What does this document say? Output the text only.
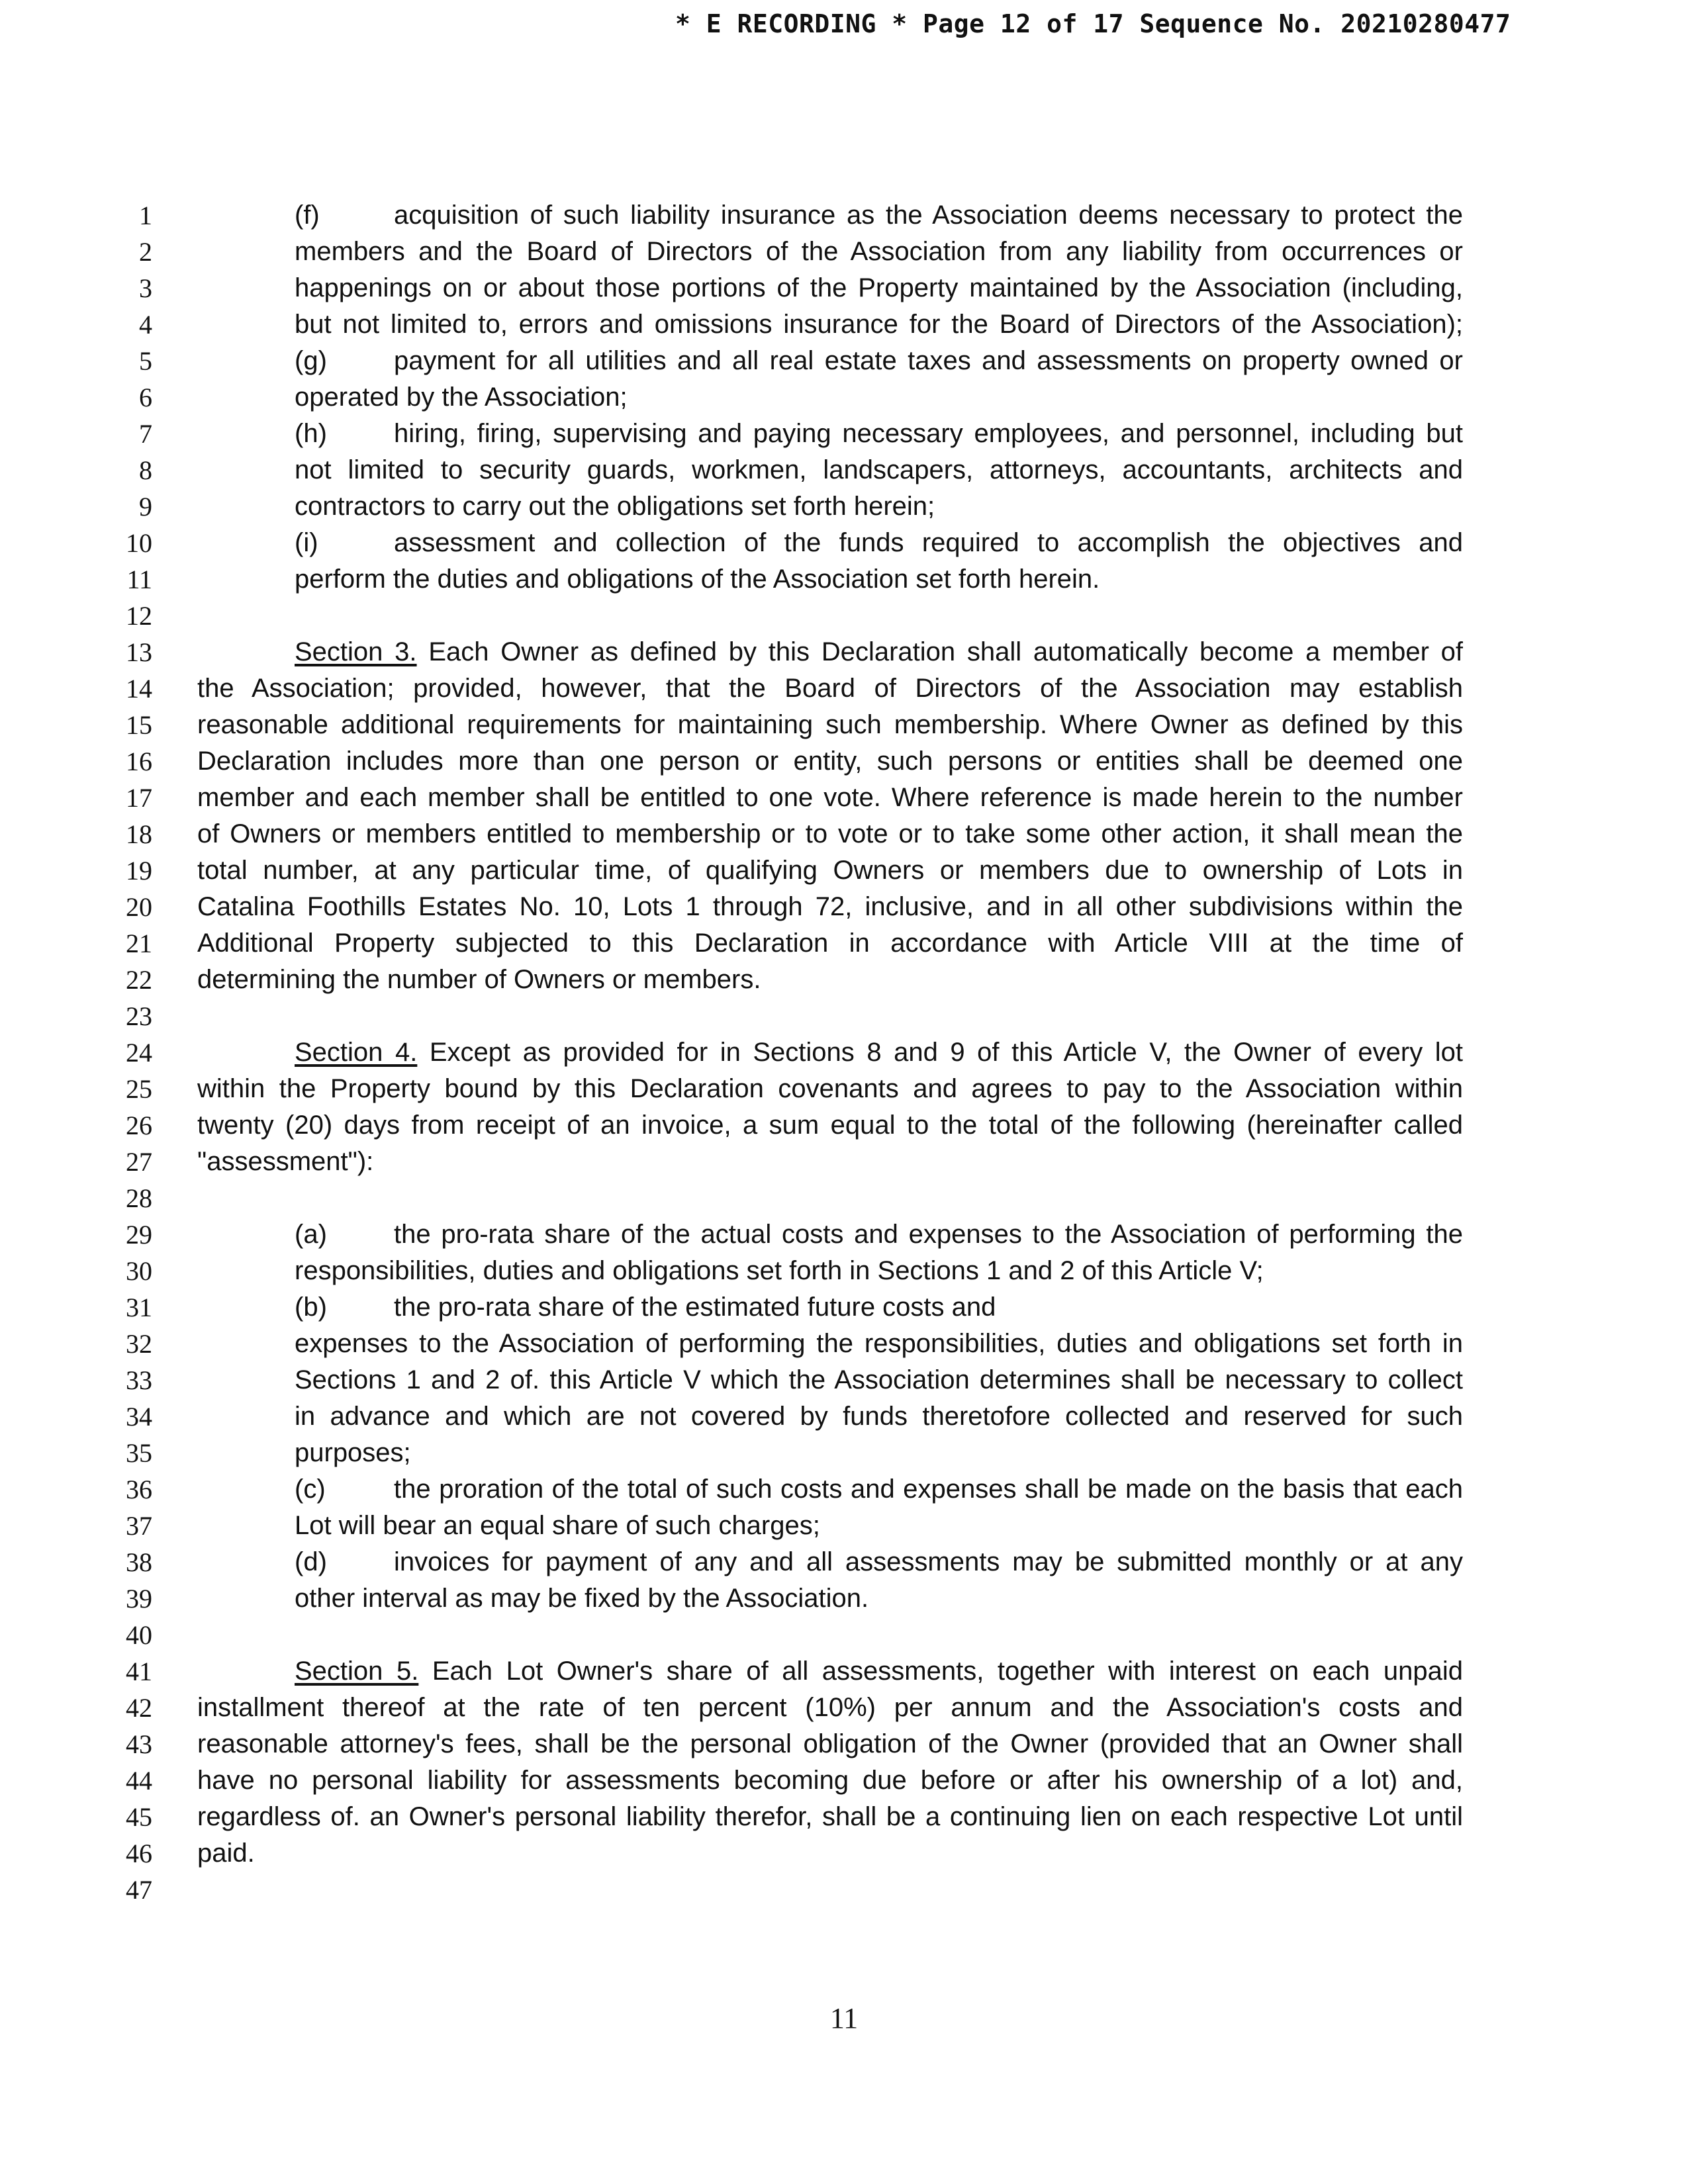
* E RECORDING * Page 12 of 17 Sequence No. 20210280477
1
2
3
4
5
6
7
8
9
10
11
12
13
14
15
16
17
18
19
20
21
22
23
24
25
26
27
28
29
30
31
32
33
34
35
36
37
38
39
40
41
42
43
44
45
46
47
(f)	acquisition of such liability insurance as the Association deems necessary to protect the
members and the Board of Directors of the Association from any liability from occurrences or
happenings on or about those portions of the Property maintained by the Association (including,
but not limited to, errors and omissions insurance for the Board of Directors of the Association);
(g)	payment for all utilities and all real estate taxes and assessments on property owned or
operated by the Association;
(h)	hiring, firing, supervising and paying necessary employees, and personnel, including but
not limited to security guards, workmen, landscapers, attorneys, accountants, architects and
contractors to carry out the obligations set forth herein;
(i)	assessment and collection of the funds required to accomplish the objectives and
perform the duties and obligations of the Association set forth herein.
Section 3. Each Owner as defined by this Declaration shall automatically become a member of
the Association; provided, however, that the Board of Directors of the Association may establish
reasonable additional requirements for maintaining such membership. Where Owner as defined by this
Declaration includes more than one person or entity, such persons or entities shall be deemed one
member and each member shall be entitled to one vote. Where reference is made herein to the number
of Owners or members entitled to membership or to vote or to take some other action, it shall mean the
total number, at any particular time, of qualifying Owners or members due to ownership of Lots in
Catalina Foothills Estates No. 10, Lots 1 through 72, inclusive, and in all other subdivisions within the
Additional Property subjected to this Declaration in accordance with Article VIII at the time of
determining the number of Owners or members.
Section 4. Except as provided for in Sections 8 and 9 of this Article V, the Owner of every lot
within the Property bound by this Declaration covenants and agrees to pay to the Association within
twenty (20) days from receipt of an invoice, a sum equal to the total of the following (hereinafter called
"assessment"):
(a)	the pro-rata share of the actual costs and expenses to the Association of performing the
responsibilities, duties and obligations set forth in Sections 1 and 2 of this Article V;
(b)	the pro-rata share of the estimated future costs and
expenses to the Association of performing the responsibilities, duties and obligations set forth in
Sections 1 and 2 of. this Article V which the Association determines shall be necessary to collect
in advance and which are not covered by funds theretofore collected and reserved for such
purposes;
(c)	the proration of the total of such costs and expenses shall be made on the basis that each
Lot will bear an equal share of such charges;
(d)	invoices for payment of any and all assessments may be submitted monthly or at any
other interval as may be fixed by the Association.
Section 5. Each Lot Owner's share of all assessments, together with interest on each unpaid
installment thereof at the rate of ten percent (10%) per annum and the Association's costs and
reasonable attorney's fees, shall be the personal obligation of the Owner (provided that an Owner shall
have no personal liability for assessments becoming due before or after his ownership of a lot) and,
regardless of. an Owner's personal liability therefor, shall be a continuing lien on each respective Lot until
paid.
11
